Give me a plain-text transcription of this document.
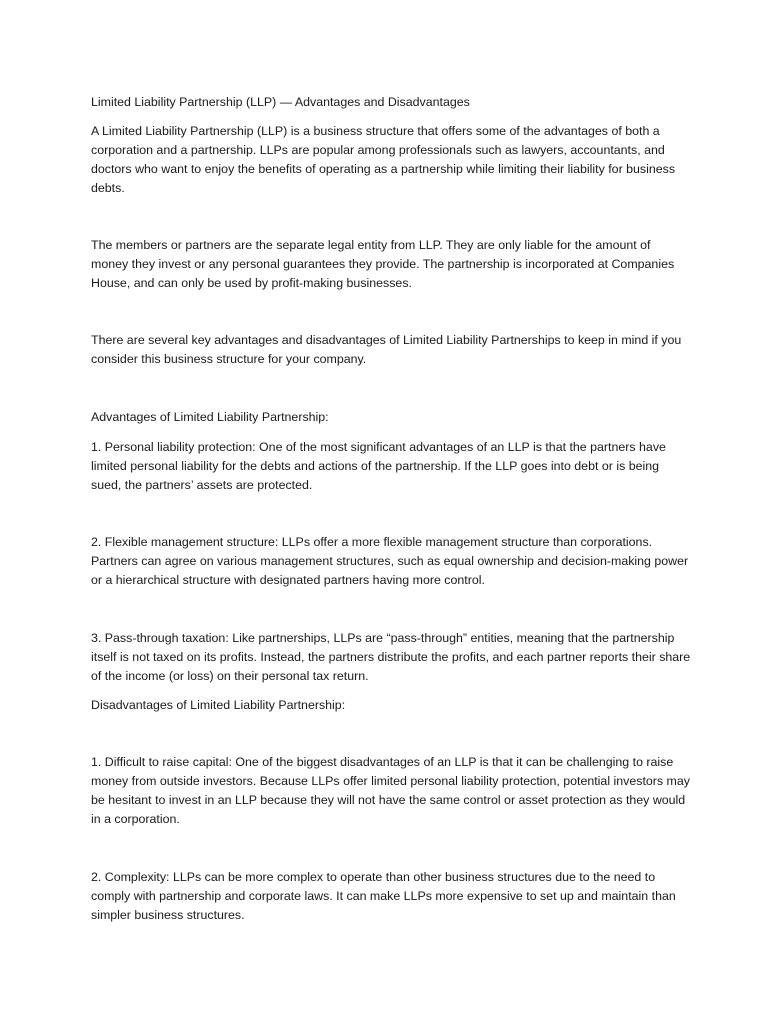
Limited Liability Partnership (LLP) — Advantages and Disadvantages

A Limited Liability Partnership (LLP) is a business structure that offers some of the advantages of both a corporation and a partnership. LLPs are popular among professionals such as lawyers, accountants, and doctors who want to enjoy the benefits of operating as a partnership while limiting their liability for business debts.

The members or partners are the separate legal entity from LLP. They are only liable for the amount of money they invest or any personal guarantees they provide. The partnership is incorporated at Companies House, and can only be used by profit-making businesses.

There are several key advantages and disadvantages of Limited Liability Partnerships to keep in mind if you consider this business structure for your company.

Advantages of Limited Liability Partnership:

1. Personal liability protection: One of the most significant advantages of an LLP is that the partners have limited personal liability for the debts and actions of the partnership. If the LLP goes into debt or is being sued, the partners’ assets are protected.

2. Flexible management structure: LLPs offer a more flexible management structure than corporations. Partners can agree on various management structures, such as equal ownership and decision-making power or a hierarchical structure with designated partners having more control.

3. Pass-through taxation: Like partnerships, LLPs are “pass-through” entities, meaning that the partnership itself is not taxed on its profits. Instead, the partners distribute the profits, and each partner reports their share of the income (or loss) on their personal tax return.

Disadvantages of Limited Liability Partnership:

1. Difficult to raise capital: One of the biggest disadvantages of an LLP is that it can be challenging to raise money from outside investors. Because LLPs offer limited personal liability protection, potential investors may be hesitant to invest in an LLP because they will not have the same control or asset protection as they would in a corporation.

2. Complexity: LLPs can be more complex to operate than other business structures due to the need to comply with partnership and corporate laws. It can make LLPs more expensive to set up and maintain than simpler business structures.
